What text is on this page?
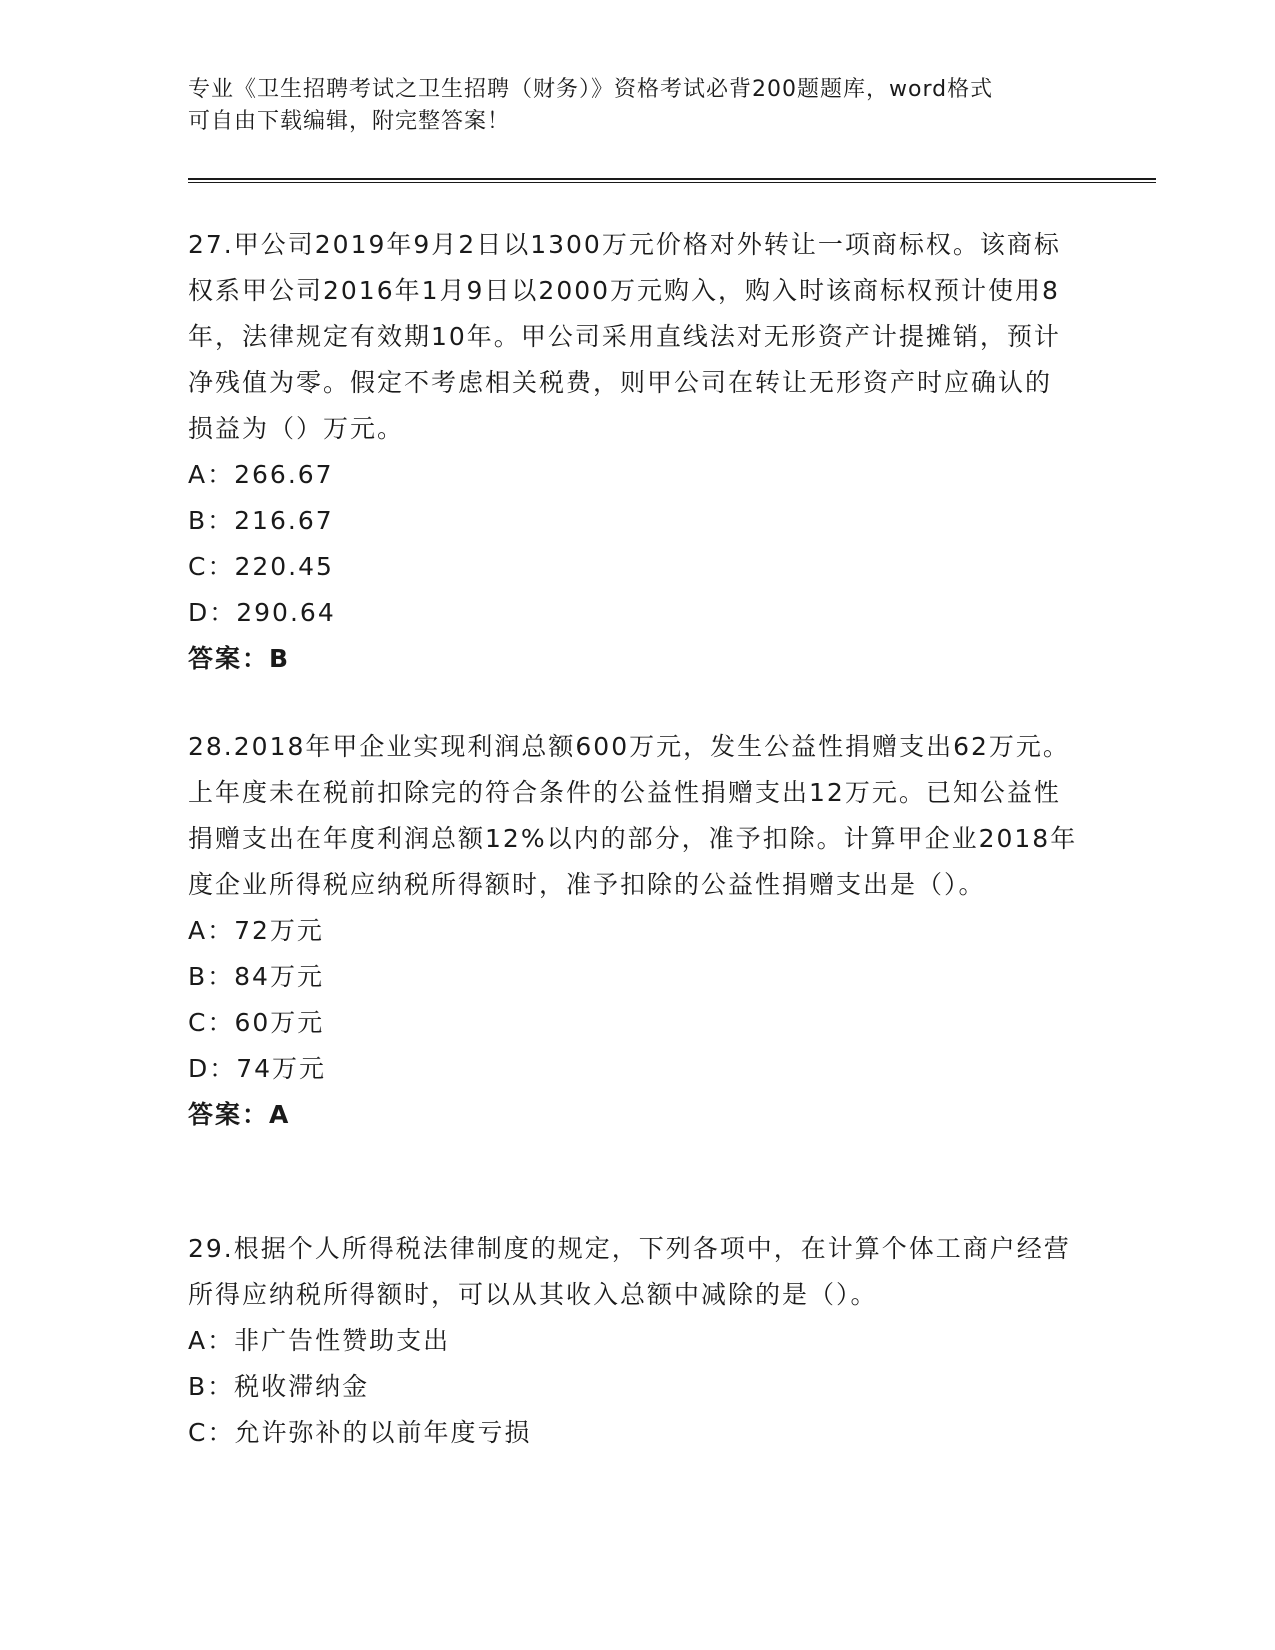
专业《卫生招聘考试之卫生招聘（财务）》资格考试必背200题题库，word格式
可自由下载编辑，附完整答案！

27.甲公司2019年9月2日以1300万元价格对外转让一项商标权。该商标权系甲公司2016年1月9日以2000万元购入，购入时该商标权预计使用8年，法律规定有效期10年。甲公司采用直线法对无形资产计提摊销，预计净残值为零。假定不考虑相关税费，则甲公司在转让无形资产时应确认的损益为（）万元。

A：266.67

B：216.67

C：220.45

D：290.64

答案：B

28.2018年甲企业实现利润总额600万元，发生公益性捐赠支出62万元。上年度未在税前扣除完的符合条件的公益性捐赠支出12万元。已知公益性捐赠支出在年度利润总额12%以内的部分，准予扣除。计算甲企业2018年度企业所得税应纳税所得额时，准予扣除的公益性捐赠支出是（）。

A：72万元

B：84万元

C：60万元

D：74万元

答案：A

29.根据个人所得税法律制度的规定，下列各项中，在计算个体工商户经营所得应纳税所得额时，可以从其收入总额中减除的是（）。

A：非广告性赞助支出

B：税收滞纳金

C：允许弥补的以前年度亏损
